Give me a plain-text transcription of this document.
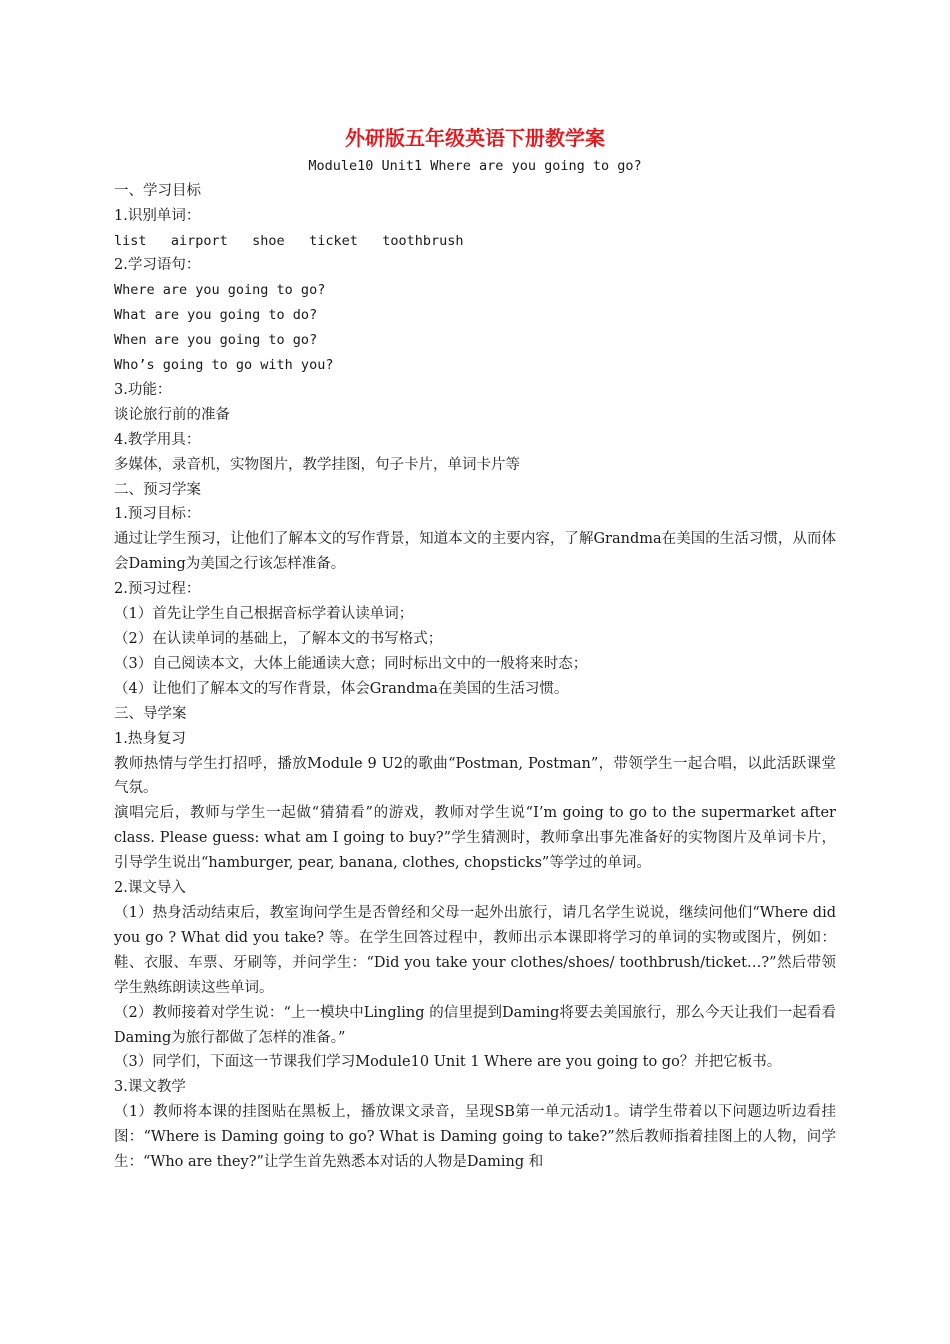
外研版五年级英语下册教学案

Module10 Unit1 Where are you going to go?

一、学习目标

1.识别单词：

list   airport   shoe   ticket   toothbrush

2.学习语句：

Where are you going to go?

What are you going to do?

When are you going to go?

Who’s going to go with you?

3.功能：

谈论旅行前的准备

4.教学用具：

多媒体，录音机，实物图片，教学挂图，句子卡片，单词卡片等

二、预习学案

1.预习目标：

通过让学生预习，让他们了解本文的写作背景，知道本文的主要内容，了解Grandma在美国的生活习惯，从而体会Daming为美国之行该怎样准备。

2.预习过程：

（1）首先让学生自己根据音标学着认读单词；

（2）在认读单词的基础上，了解本文的书写格式；

（3）自己阅读本文，大体上能通读大意；同时标出文中的一般将来时态；

（4）让他们了解本文的写作背景，体会Grandma在美国的生活习惯。

三、导学案

1.热身复习

教师热情与学生打招呼，播放Module 9 U2的歌曲“Postman, Postman”，带领学生一起合唱，以此活跃课堂气氛。

演唱完后，教师与学生一起做“猜猜看”的游戏，教师对学生说“I’m going to go to the supermarket after class. Please guess: what am I going to buy?”学生猜测时，教师拿出事先准备好的实物图片及单词卡片，引导学生说出“hamburger, pear, banana, clothes, chopsticks”等学过的单词。

2.课文导入

（1）热身活动结束后，教室询问学生是否曾经和父母一起外出旅行，请几名学生说说，继续问他们“Where did you go ? What did you take? 等。在学生回答过程中，教师出示本课即将学习的单词的实物或图片，例如：鞋、衣服、车票、牙刷等，并问学生：“Did you take your clothes/shoes/ toothbrush/ticket…?”然后带领学生熟练朗读这些单词。

（2）教师接着对学生说：“上一模块中Lingling 的信里提到Daming将要去美国旅行，那么今天让我们一起看看Daming为旅行都做了怎样的准备。”

（3）同学们，下面这一节课我们学习Module10 Unit 1 Where are you going to go？并把它板书。

3.课文教学

（1）教师将本课的挂图贴在黑板上，播放课文录音，呈现SB第一单元活动1。请学生带着以下问题边听边看挂图：“Where is Daming going to go? What is Daming going to take?”然后教师指着挂图上的人物，问学生：“Who are they?”让学生首先熟悉本对话的人物是Daming 和
